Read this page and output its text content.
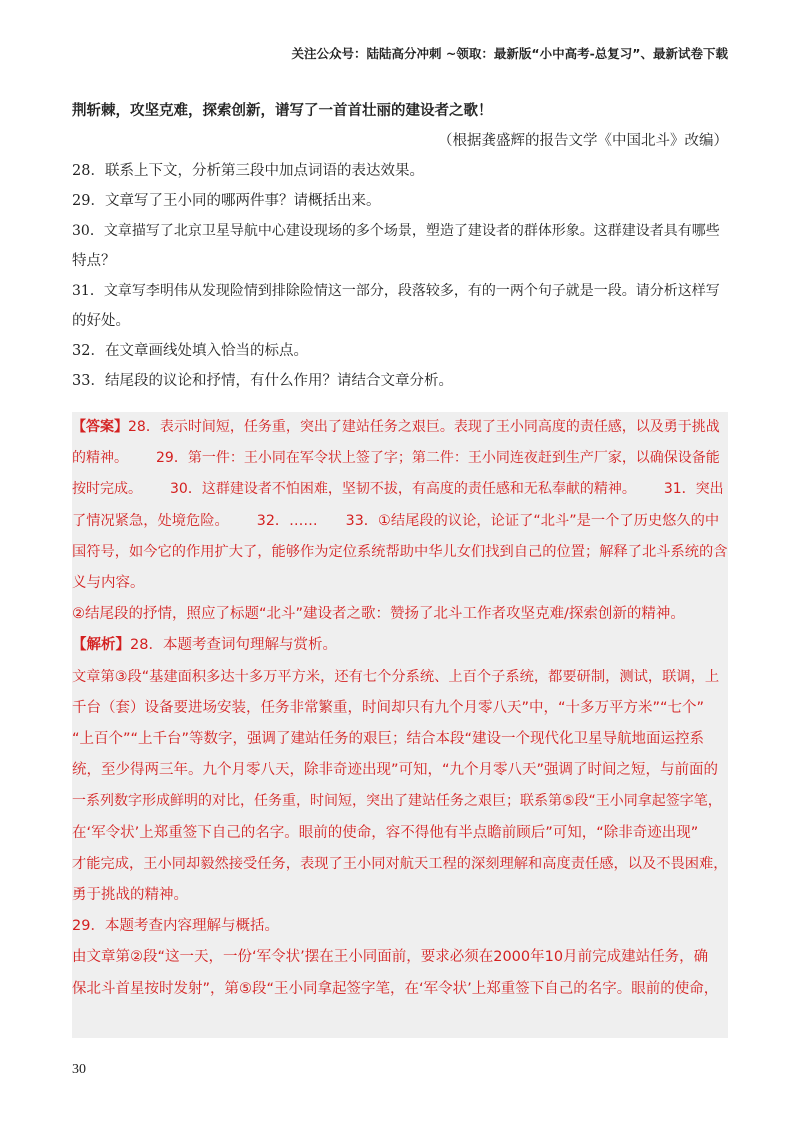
关注公众号：陆陆高分冲刺 ~领取：最新版“小中高考-总复习”、最新试卷下载

荆斩棘，攻坚克难，探索创新，谱写了一首首壮丽的建设者之歌！

（根据龚盛辉的报告文学《中国北斗》改编）

28．联系上下文，分析第三段中加点词语的表达效果。

29．文章写了王小同的哪两件事？请概括出来。

30．文章描写了北京卫星导航中心建设现场的多个场景，塑造了建设者的群体形象。这群建设者具有哪些

特点？

31．文章写李明伟从发现险情到排除险情这一部分，段落较多，有的一两个句子就是一段。请分析这样写

的好处。

32．在文章画线处填入恰当的标点。

33．结尾段的议论和抒情，有什么作用？请结合文章分析。

【答案】28．表示时间短，任务重，突出了建站任务之艰巨。表现了王小同高度的责任感，以及勇于挑战

的精神。 29．第一件：王小同在军令状上签了字；第二件：王小同连夜赶到生产厂家，以确保设备能

按时完成。 30．这群建设者不怕困难，坚韧不拔，有高度的责任感和无私奉献的精神。 31．突出

了情况紧急，处境危险。 32．…… 33．①结尾段的议论，论证了“北斗”是一个了历史悠久的中

国符号，如今它的作用扩大了，能够作为定位系统帮助中华儿女们找到自己的位置；解释了北斗系统的含

义与内容。

②结尾段的抒情，照应了标题“北斗”建设者之歌：赞扬了北斗工作者攻坚克难/探索创新的精神。

【解析】28．本题考查词句理解与赏析。

文章第③段“基建面积多达十多万平方米，还有七个分系统、上百个子系统，都要研制，测试，联调，上

千台（套）设备要进场安装，任务非常繁重，时间却只有九个月零八天”中，“十多万平方米”“七个”

“上百个”“上千台”等数字，强调了建站任务的艰巨；结合本段“建设一个现代化卫星导航地面运控系

统，至少得两三年。九个月零八天，除非奇迹出现”可知，“九个月零八天”强调了时间之短，与前面的

一系列数字形成鲜明的对比，任务重，时间短，突出了建站任务之艰巨；联系第⑤段“王小同拿起签字笔，

在‘军令状’上郑重签下自己的名字。眼前的使命，容不得他有半点瞻前顾后”可知，“除非奇迹出现”

才能完成，王小同却毅然接受任务，表现了王小同对航天工程的深刻理解和高度责任感，以及不畏困难，

勇于挑战的精神。

29．本题考查内容理解与概括。

由文章第②段“这一天，一份‘军令状’摆在王小同面前，要求必须在2000年10月前完成建站任务，确

保北斗首星按时发射”，第⑤段“王小同拿起签字笔，在‘军令状’上郑重签下自己的名字。眼前的使命，

30
